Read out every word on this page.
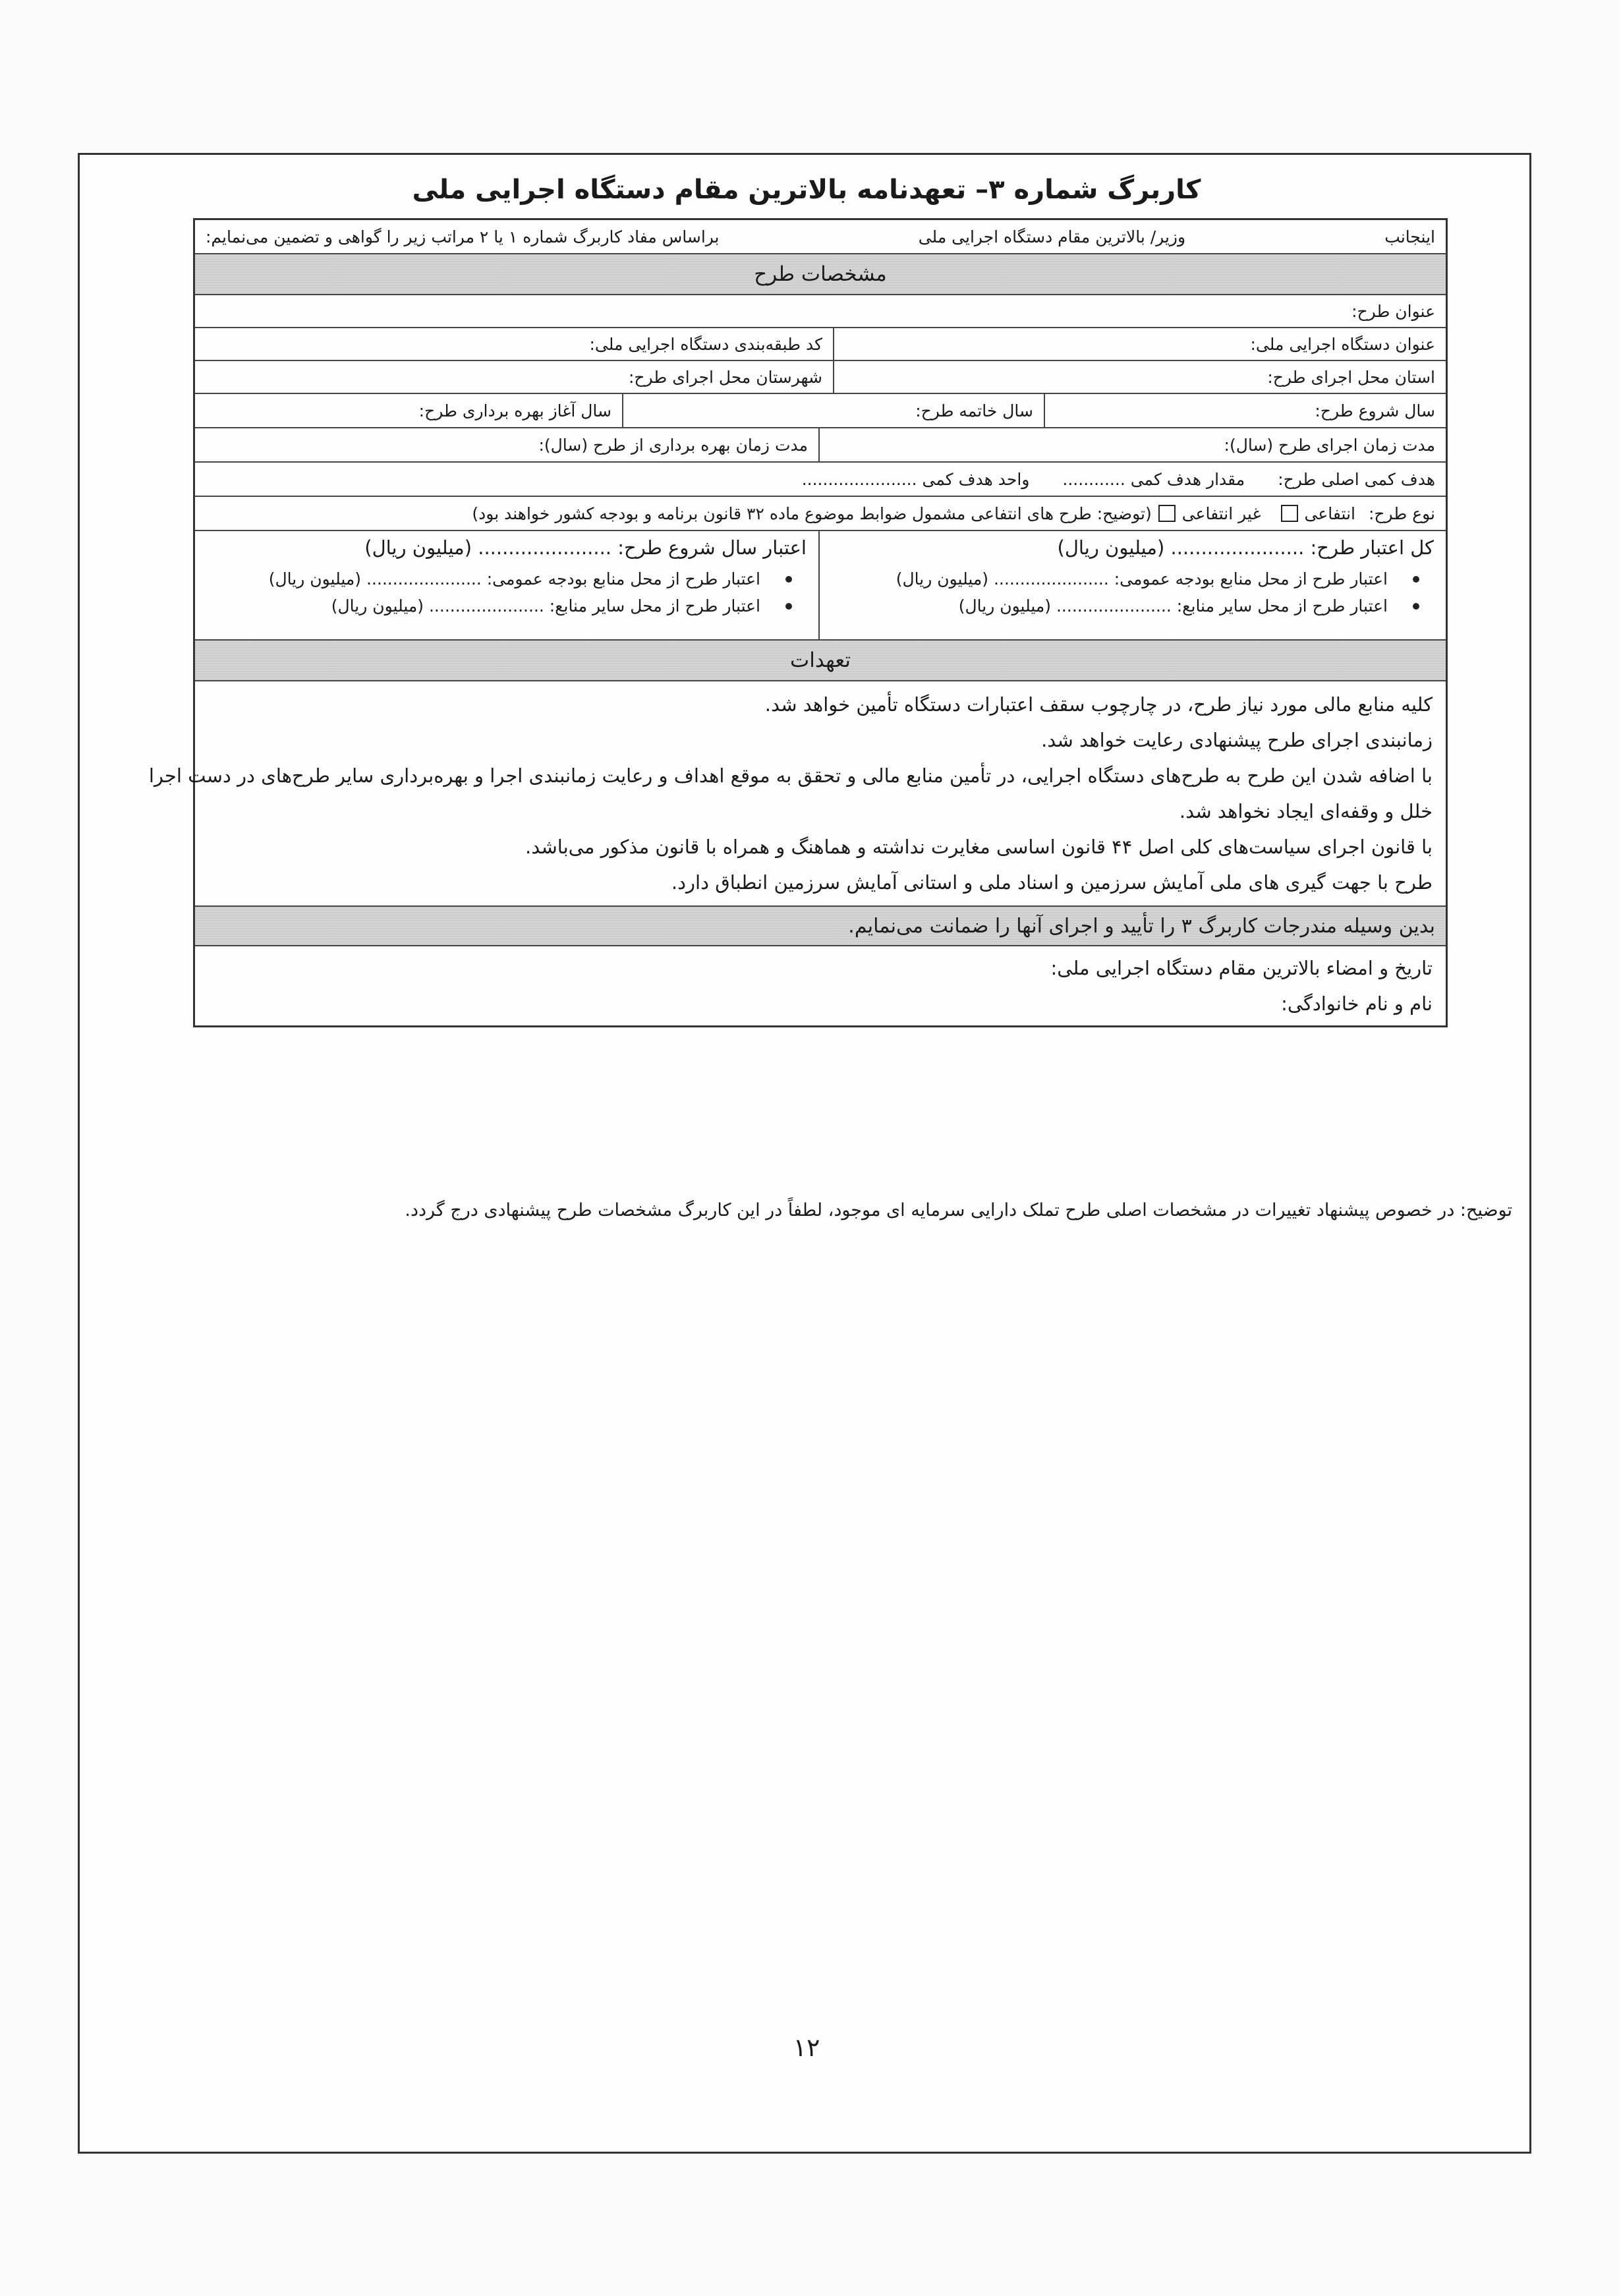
کاربرگ شماره ۳– تعهدنامه بالاترین مقام دستگاه اجرایی ملی
اینجانب
وزیر/ بالاترین مقام دستگاه اجرایی ملی
براساس مفاد کاربرگ شماره ۱ یا ۲ مراتب زیر را گواهی و تضمین می‌نمایم:
مشخصات طرح
عنوان طرح:
عنوان دستگاه اجرایی ملی:
کد طبقه‌بندی دستگاه اجرایی ملی:
استان محل اجرای طرح:
شهرستان محل اجرای طرح:
سال شروع طرح:
سال خاتمه طرح:
سال آغاز بهره برداری طرح:
مدت زمان اجرای طرح (سال):
مدت زمان بهره برداری از طرح (سال):
هدف کمی اصلی طرح:
مقدار هدف کمی ............
واحد هدف کمی ......................
نوع طرح:
انتفاعی
غیر انتفاعی
(توضیح: طرح های انتفاعی مشمول ضوابط موضوع ماده ۳۲ قانون برنامه و بودجه کشور خواهند بود)
کل اعتبار طرح: ...................... (میلیون ریال)
اعتبار طرح از محل منابع بودجه عمومی: ...................... (میلیون ریال)
اعتبار طرح از محل سایر منابع: ...................... (میلیون ریال)
اعتبار سال شروع طرح: ...................... (میلیون ریال)
اعتبار طرح از محل منابع بودجه عمومی: ...................... (میلیون ریال)
اعتبار طرح از محل سایر منابع: ...................... (میلیون ریال)
تعهدات
کلیه منابع مالی مورد نیاز طرح، در چارچوب سقف اعتبارات دستگاه تأمین خواهد شد.
زمانبندی اجرای طرح پیشنهادی رعایت خواهد شد.
با اضافه شدن این طرح به طرح‌های دستگاه اجرایی، در تأمین منابع مالی و تحقق به موقع اهداف و رعایت زمانبندی اجرا و بهره‌برداری سایر طرح‌های در دست اجرا
خلل و وقفه‌ای ایجاد نخواهد شد.
با قانون اجرای سیاست‌های کلی اصل ۴۴ قانون اساسی مغایرت نداشته و هماهنگ و همراه با قانون مذکور می‌باشد.
طرح با جهت گیری های ملی آمایش سرزمین و اسناد ملی و استانی آمایش سرزمین انطباق دارد.
بدین وسیله مندرجات کاربرگ ۳ را تأیید و اجرای آنها را ضمانت می‌نمایم.
تاریخ و امضاء بالاترین مقام دستگاه اجرایی ملی:
نام و نام خانوادگی:
توضیح: در خصوص پیشنهاد تغییرات در مشخصات اصلی طرح تملک دارایی سرمایه ای موجود، لطفاً در این کاربرگ مشخصات طرح پیشنهادی درج گردد.
۱۲
